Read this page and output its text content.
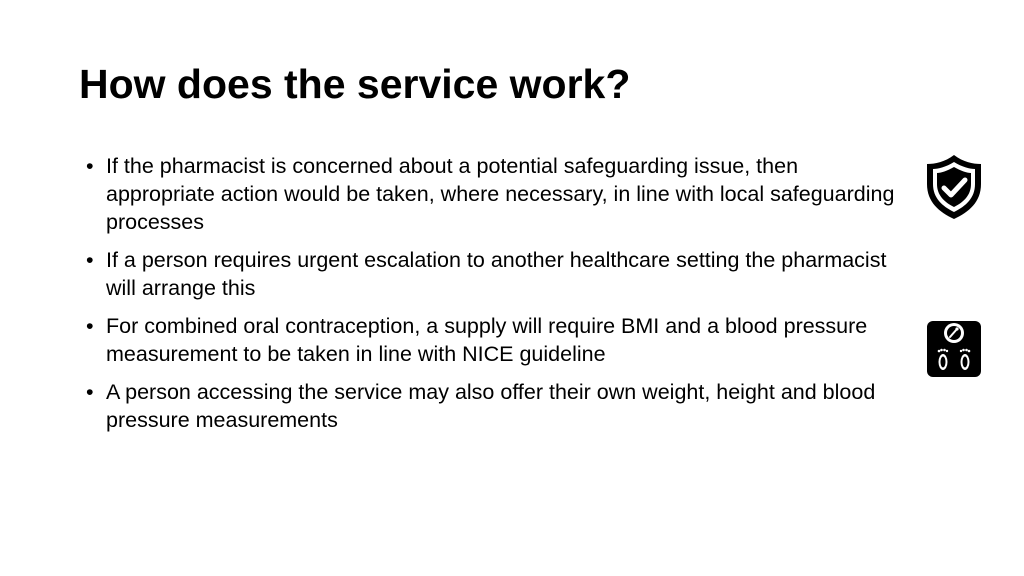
How does the service work?
• If the pharmacist is concerned about a potential safeguarding issue, then appropriate action would be taken, where necessary, in line with local safeguarding processes
• If a person requires urgent escalation to another healthcare setting the pharmacist will arrange this
• For combined oral contraception, a supply will require BMI and a blood pressure measurement to be taken in line with NICE guideline
• A person accessing the service may also offer their own weight, height and blood pressure measurements
